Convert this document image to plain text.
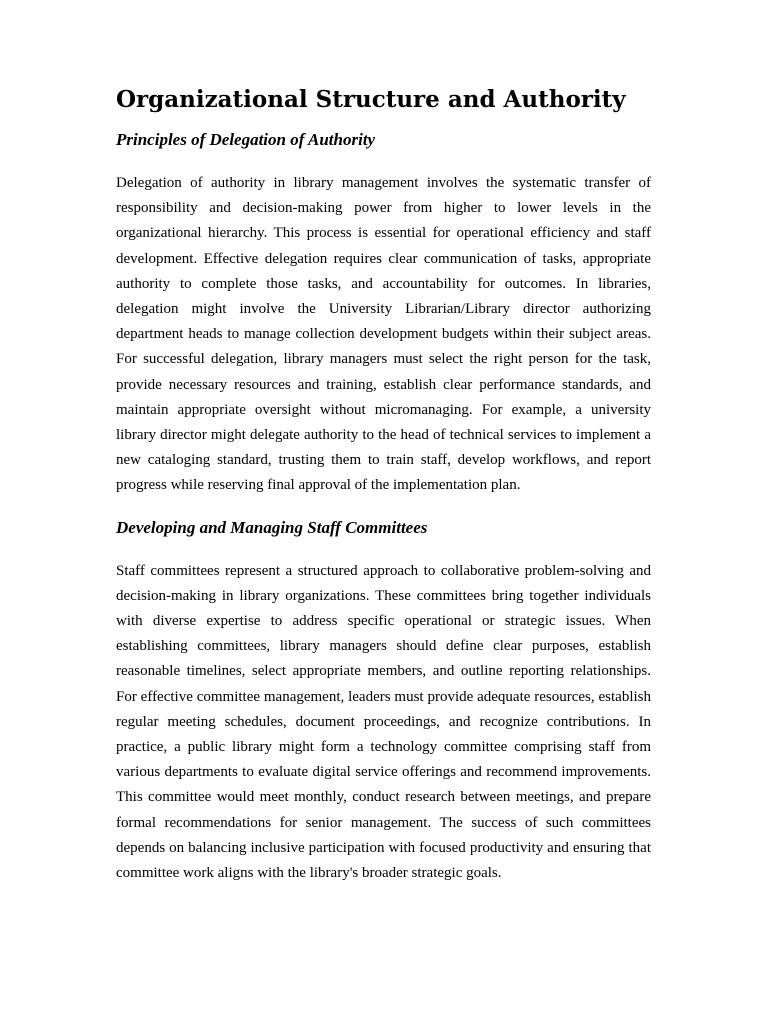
Organizational Structure and Authority
Principles of Delegation of Authority

Delegation of authority in library management involves the systematic transfer of responsibility and decision-making power from higher to lower levels in the organizational hierarchy. This process is essential for operational efficiency and staff development. Effective delegation requires clear communication of tasks, appropriate authority to complete those tasks, and accountability for outcomes. In libraries, delegation might involve the University Librarian/Library director authorizing department heads to manage collection development budgets within their subject areas. For successful delegation, library managers must select the right person for the task, provide necessary resources and training, establish clear performance standards, and maintain appropriate oversight without micromanaging. For example, a university library director might delegate authority to the head of technical services to implement a new cataloging standard, trusting them to train staff, develop workflows, and report progress while reserving final approval of the implementation plan.

Developing and Managing Staff Committees

Staff committees represent a structured approach to collaborative problem-solving and decision-making in library organizations. These committees bring together individuals with diverse expertise to address specific operational or strategic issues. When establishing committees, library managers should define clear purposes, establish reasonable timelines, select appropriate members, and outline reporting relationships. For effective committee management, leaders must provide adequate resources, establish regular meeting schedules, document proceedings, and recognize contributions. In practice, a public library might form a technology committee comprising staff from various departments to evaluate digital service offerings and recommend improvements. This committee would meet monthly, conduct research between meetings, and prepare formal recommendations for senior management. The success of such committees depends on balancing inclusive participation with focused productivity and ensuring that committee work aligns with the library's broader strategic goals.
